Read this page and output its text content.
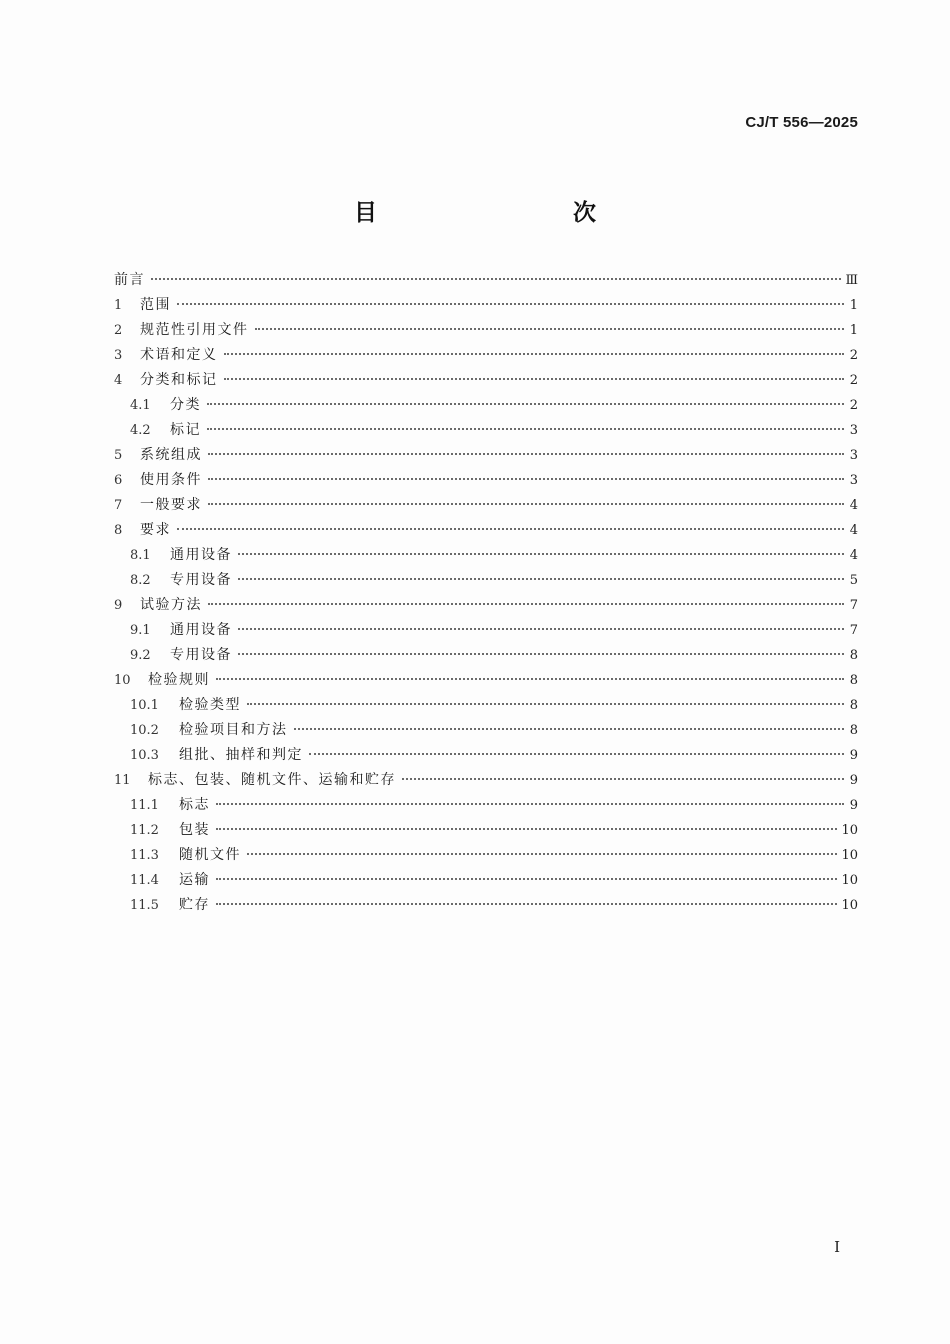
CJ/T 556—2025
目　　次
前言	Ⅲ
1	范围	1
2	规范性引用文件	1
3	术语和定义	2
4	分类和标记	2
4.1	分类	2
4.2	标记	3
5	系统组成	3
6	使用条件	3
7	一般要求	4
8	要求	4
8.1	通用设备	4
8.2	专用设备	5
9	试验方法	7
9.1	通用设备	7
9.2	专用设备	8
10	检验规则	8
10.1	检验类型	8
10.2	检验项目和方法	8
10.3	组批、抽样和判定	9
11	标志、包装、随机文件、运输和贮存	9
11.1	标志	9
11.2	包装	10
11.3	随机文件	10
11.4	运输	10
11.5	贮存	10
I
